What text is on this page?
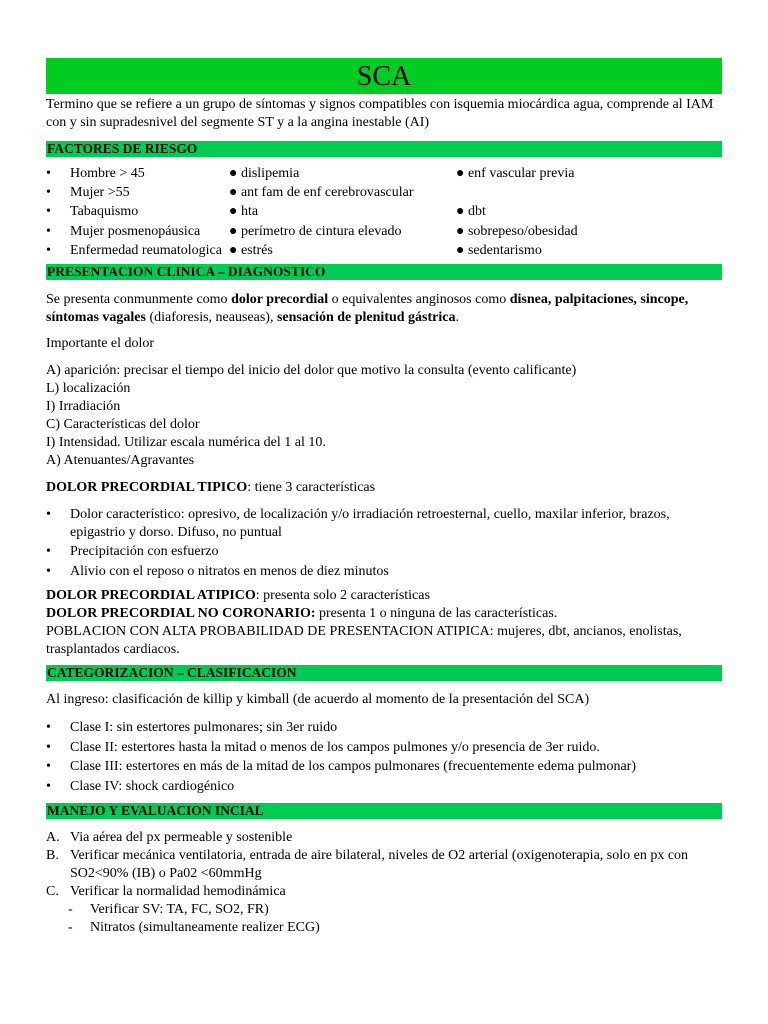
SCA

Termino que se refiere a un grupo de síntomas y signos compatibles con isquemia miocárdica agua, comprende al IAM con y sin supradesnivel del segmente ST y a la angina inestable (AI)

FACTORES DE RIESGO
• Hombre > 45
• Mujer >55
• Tabaquismo
• Mujer posmenopáusica
• Enfermedad reumatologica
● dislipemia
● ant fam de enf cerebrovascular
● hta
● perímetro de cintura elevado
● estrés
● enf vascular previa
● dbt
● sobrepeso/obesidad
● sedentarismo
PRESENTACION CLINICA – DIAGNOSTICO

Se presenta conmunmente como dolor precordial o equivalentes anginosos como disnea, palpitaciones, sincope, síntomas vagales (diaforesis, neauseas), sensación de plenitud gástrica.

Importante el dolor

A) aparición: precisar el tiempo del inicio del dolor que motivo la consulta (evento calificante)

L) localización

I) Irradiación

C) Características del dolor

I) Intensidad. Utilizar escala numérica del 1 al 10.

A) Atenuantes/Agravantes

DOLOR PRECORDIAL TIPICO: tiene 3 características

• Dolor característico: opresivo, de localización y/o irradiación retroesternal, cuello, maxilar inferior, brazos, epigastrio y dorso. Difuso, no puntual
• Precipitación con esfuerzo
• Alivio con el reposo o nitratos en menos de diez minutos

DOLOR PRECORDIAL ATIPICO: presenta solo 2 características

DOLOR PRECORDIAL NO CORONARIO: presenta 1 o ninguna de las características.

POBLACION CON ALTA PROBABILIDAD DE PRESENTACION ATIPICA: mujeres, dbt, ancianos, enolistas, trasplantados cardiacos.

CATEGORIZACION – CLASIFICACION

Al ingreso: clasificación de killip y kimball (de acuerdo al momento de la presentación del SCA)

• Clase I: sin estertores pulmonares; sin 3er ruido
• Clase II: estertores hasta la mitad o menos de los campos pulmones y/o presencia de 3er ruido.
• Clase III: estertores en más de la mitad de los campos pulmonares (frecuentemente edema pulmonar)
• Clase IV: shock cardiogénico
MANEJO Y EVALUACION INCIAL
A. Via aérea del px permeable y sostenible
B. Verificar mecánica ventilatoria, entrada de aire bilateral, niveles de O2 arterial (oxigenoterapia, solo en px con SO2<90% (IB) o Pa02 <60mmHg
C. Verificar la normalidad hemodinámica
- Verificar SV: TA, FC, SO2, FR)
- Nitratos (simultaneamente realizer ECG)
